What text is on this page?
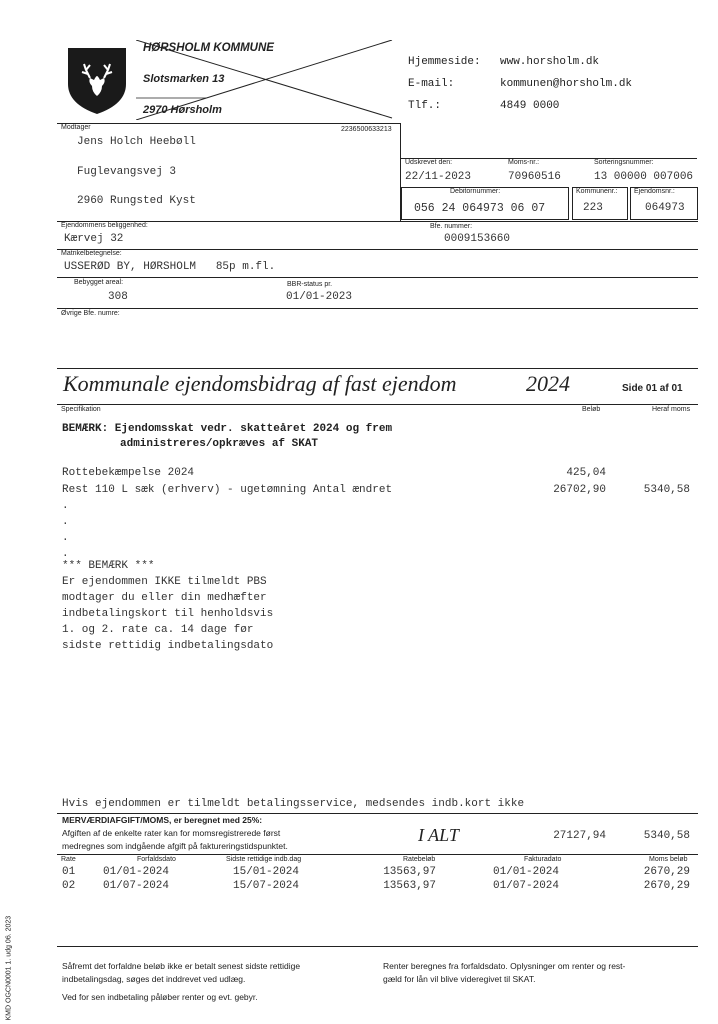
HØRSHOLM KOMMUNE
Slotsmarken 13
2970 Hørsholm
Hjemmeside: www.horsholm.dk
E-mail:	kommunen@horsholm.dk
Tlf.:	4849 0000
Modtager	2236500633213
Jens Holch Heebøll
Fuglevangsvej 3
2960 Rungsted Kyst
Udskrevet den:
22/11-2023
Moms-nr.:
70960516
Sorteringsnummer:
13 00000 007006
Debitornummer:
056 24 064973 06 07
Kommunenr.:
223
Ejendomsnr.:
064973
Ejendommens beliggenhed:
Kærvej 32
Bfe. nummer:
0009153660
Matrikelbetegnelse:
USSERØD BY, HØRSHOLM   85p m.fl.
Bebygget areal:
308
BBR-status pr.
01/01-2023
Øvrige Bfe. numre:
Kommunale ejendomsbidrag af fast ejendom	2024	Side 01 af 01
Specifikation	Beløb	Heraf moms
BEMÆRK: Ejendomsskat vedr. skatteåret 2024 og frem
administreres/opkræves af SKAT
Rottebekæmpelse 2024	425,04
Rest 110 L sæk (erhverv) - ugetømning Antal ændret	26702,90	5340,58
.
.
.
.
*** BEMÆRK ***
Er ejendommen IKKE tilmeldt PBS
modtager du eller din medhæfter
indbetalingskort til henholdsvis
1. og 2. rate ca. 14 dage før
sidste rettidig indbetalingsdato
Hvis ejendommen er tilmeldt betalingsservice, medsendes indb.kort ikke
MERVÆRDIAFGIFT/MOMS, er beregnet med 25%:
Afgiften af de enkelte rater kan for momsregistrerede først
medregnes som indgående afgift på faktureringstidspunktet.
I ALT	27127,94	5340,58
Rate	Forfaldsdato	Sidste rettidige indb.dag	Ratebeløb	Fakturadato	Moms beløb
01	01/01-2024	15/01-2024	13563,97	01/01-2024	2670,29
02	01/07-2024	15/07-2024	13563,97	01/07-2024	2670,29
KMD OGCN0001 1. udg 06. 2023	Såfremt det forfaldne beløb ikke er betalt senest sidste rettidige
indbetalingsdag, søges det inddrevet ved udlæg.
Ved for sen indbetaling påløber renter og evt. gebyr.
Renter beregnes fra forfaldsdato. Oplysninger om renter og rest-
gæld for lån vil blive videregivet til SKAT.
